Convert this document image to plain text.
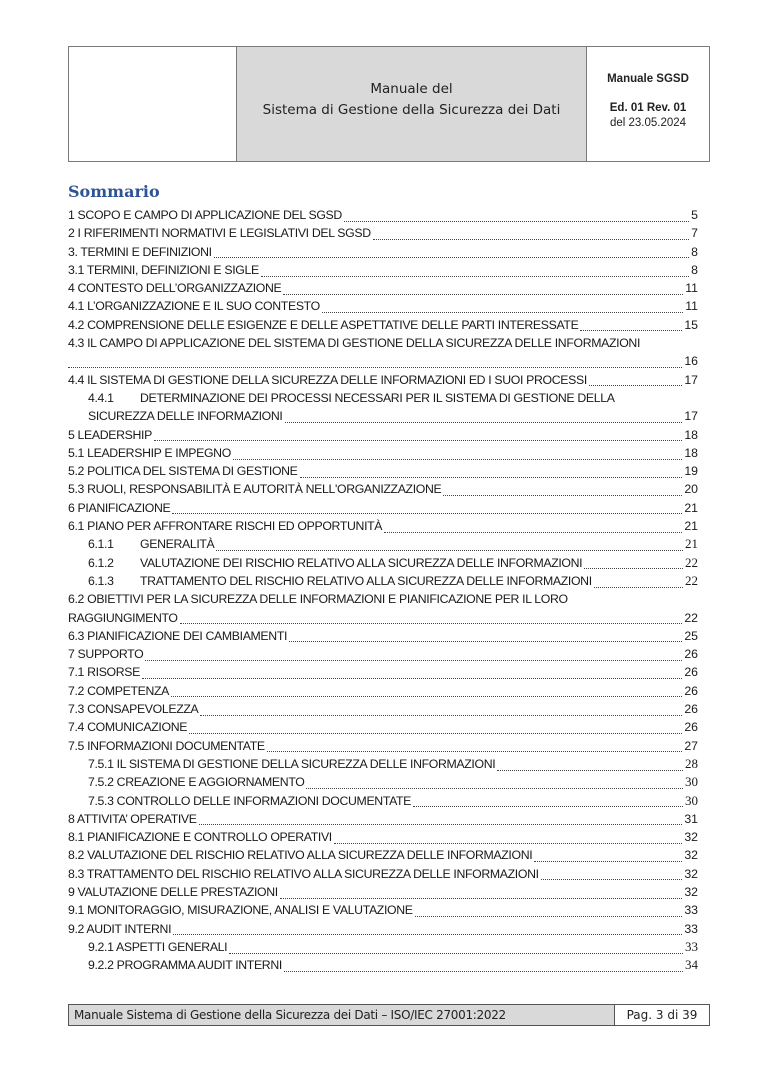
Manuale del
Sistema di Gestione della Sicurezza dei Dati
Manuale SGSD
Ed. 01 Rev. 01
del 23.05.2024
Sommario
1 SCOPO E CAMPO DI APPLICAZIONE DEL SGSD	5
2 I RIFERIMENTI NORMATIVI E LEGISLATIVI DEL SGSD	7
3. TERMINI E DEFINIZIONI	8
3.1 TERMINI, DEFINIZIONI E SIGLE	8
4 CONTESTO DELL’ORGANIZZAZIONE	11
4.1 L’ORGANIZZAZIONE E IL SUO CONTESTO	11
4.2 COMPRENSIONE DELLE ESIGENZE E DELLE ASPETTATIVE DELLE PARTI INTERESSATE	15
4.3 IL CAMPO DI APPLICAZIONE DEL SISTEMA DI GESTIONE DELLA SICUREZZA DELLE INFORMAZIONI
16
4.4 IL SISTEMA DI GESTIONE DELLA SICUREZZA DELLE INFORMAZIONI ED I SUOI PROCESSI	17
4.4.1 DETERMINAZIONE DEI PROCESSI NECESSARI PER IL SISTEMA DI GESTIONE DELLA
SICUREZZA DELLE INFORMAZIONI	17
5 LEADERSHIP	18
5.1 LEADERSHIP E IMPEGNO	18
5.2 POLITICA DEL SISTEMA DI GESTIONE	19
5.3 RUOLI, RESPONSABILITÀ E AUTORITÀ NELL'ORGANIZZAZIONE	20
6 PIANIFICAZIONE	21
6.1 PIANO PER AFFRONTARE RISCHI ED OPPORTUNITÀ	21
6.1.1 GENERALITÀ	21
6.1.2 VALUTAZIONE DEI RISCHIO RELATIVO ALLA SICUREZZA DELLE INFORMAZIONI	22
6.1.3 TRATTAMENTO DEL RISCHIO RELATIVO ALLA SICUREZZA DELLE INFORMAZIONI	22
6.2 OBIETTIVI PER LA SICUREZZA DELLE INFORMAZIONI E PIANIFICAZIONE PER IL LORO
RAGGIUNGIMENTO	22
6.3 PIANIFICAZIONE DEI CAMBIAMENTI	25
7 SUPPORTO	26
7.1 RISORSE	26
7.2 COMPETENZA	26
7.3 CONSAPEVOLEZZA	26
7.4 COMUNICAZIONE	26
7.5 INFORMAZIONI DOCUMENTATE	27
7.5.1 IL SISTEMA DI GESTIONE DELLA SICUREZZA DELLE INFORMAZIONI	28
7.5.2 CREAZIONE E AGGIORNAMENTO	30
7.5.3 CONTROLLO DELLE INFORMAZIONI DOCUMENTATE	30
8 ATTIVITA’ OPERATIVE	31
8.1 PIANIFICAZIONE E CONTROLLO OPERATIVI	32
8.2 VALUTAZIONE DEL RISCHIO RELATIVO ALLA SICUREZZA DELLE INFORMAZIONI	32
8.3 TRATTAMENTO DEL RISCHIO RELATIVO ALLA SICUREZZA DELLE INFORMAZIONI	32
9 VALUTAZIONE DELLE PRESTAZIONI	32
9.1 MONITORAGGIO, MISURAZIONE, ANALISI E VALUTAZIONE	33
9.2 AUDIT INTERNI	33
9.2.1 ASPETTI GENERALI	33
9.2.2 PROGRAMMA AUDIT INTERNI	34
Manuale Sistema di Gestione della Sicurezza dei Dati – ISO/IEC 27001:2022	Pag. 3 di 39
